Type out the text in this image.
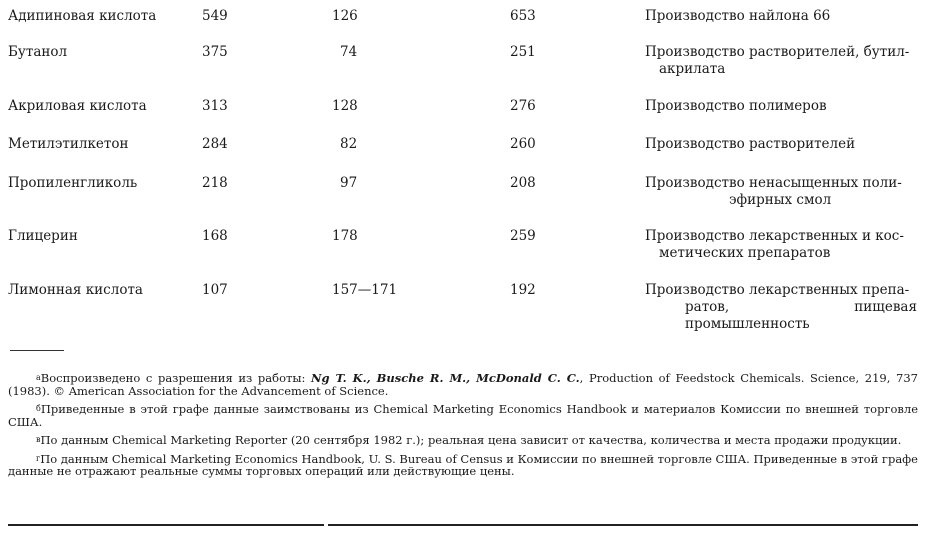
Адипиновая кислота	549	126	653	Производство найлона 66
Бутанол	375	74	251	Производство растворителей, бутил-
акрилата
Акриловая кислота	313	128	276	Производство полимеров
Метилэтилкетон	284	82	260	Производство растворителей
Пропиленгликоль	218	97	208	Производство ненасыщенных поли-
эфирных смол
Глицерин	168	178	259	Производство лекарственных и кос-
метических препаратов
Лимонная кислота	107	157—171	192	Производство лекарственных препа-
ратов, пищевая промышленность

$^а$Воспроизведено с разрешения из работы: Ng T. K., Busche R. M., McDonald C. C., Production of Feedstock Chemicals. Science, 219, 737 (1983). © American Association for the Advancement of Science.

$^б$Приведенные в этой графе данные заимствованы из Chemical Marketing Economics Handbook и материалов Комиссии по внешней торговле США.

$^в$По данным Chemical Marketing Reporter (20 сентября 1982 г.); реальная цена зависит от качества, количества и места продажи продукции.

$^г$По данным Chemical Marketing Economics Handbook, U. S. Bureau of Census и Комиссии по внешней торговле США. Приведенные в этой графе данные не отражают реальные суммы торговых операций или действующие цены.
